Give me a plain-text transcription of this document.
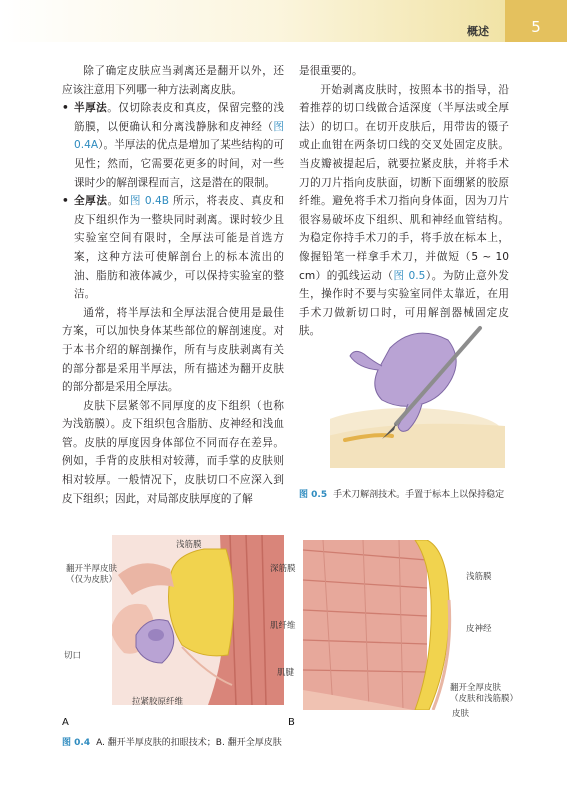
概述	5

除了确定皮肤应当剥离还是翻开以外，还应该注意用下列哪一种方法剥离皮肤。

• 半厚法。仅切除表皮和真皮，保留完整的浅筋膜，以便确认和分离浅静脉和皮神经（图 0.4A）。半厚法的优点是增加了某些结构的可见性；然而，它需要花更多的时间，对一些课时少的解剖课程而言，这是潜在的限制。
• 全厚法。如图 0.4B 所示，将表皮、真皮和皮下组织作为一整块同时剥离。课时较少且实验室空间有限时，全厚法可能是首选方案，这种方法可使解剖台上的标本流出的油、脂肪和液体减少，可以保持实验室的整洁。

通常，将半厚法和全厚法混合使用是最佳方案，可以加快身体某些部位的解剖速度。对于本书介绍的解剖操作，所有与皮肤剥离有关的部分都是采用半厚法，所有描述为翻开皮肤的部分都是采用全厚法。

皮肤下层紧邻不同厚度的皮下组织（也称为浅筋膜）。皮下组织包含脂肪、皮神经和浅血管。皮肤的厚度因身体部位不同而存在差异。例如，手背的皮肤相对较薄，而手掌的皮肤则相对较厚。一般情况下，皮肤切口不应深入到皮下组织；因此，对局部皮肤厚度的了解

是很重要的。

开始剥离皮肤时，按照本书的指导，沿着推荐的切口线做合适深度（半厚法或全厚法）的切口。在切开皮肤后，用带齿的镊子或止血钳在两条切口线的交叉处固定皮肤。当皮瓣被提起后，就要拉紧皮肤，并将手术刀的刀片指向皮肤面，切断下面绷紧的胶原纤维。避免将手术刀指向身体面，因为刀片很容易破坏皮下组织、肌和神经血管结构。为稳定你持手术刀的手，将手放在标本上，像握铅笔一样拿手术刀，并做短（5 ~ 10 cm）的弧线运动（图 0.5）。为防止意外发生，操作时不要与实验室同伴太靠近，在用手术刀做新切口时，可用解剖器械固定皮肤。

图 0.5 手术刀解剖技术。手置于标本上以保持稳定
翻开半厚皮肤
（仅为皮肤）
浅筋膜
切口
拉紧胶原纤维
A
深筋膜
浅筋膜
肌纤维	皮神经
肌腱
翻开全厚皮肤
（皮肤和浅筋膜）
皮肤
B
图 0.4 A. 翻开半厚皮肤的扣眼技术；B. 翻开全厚皮肤
